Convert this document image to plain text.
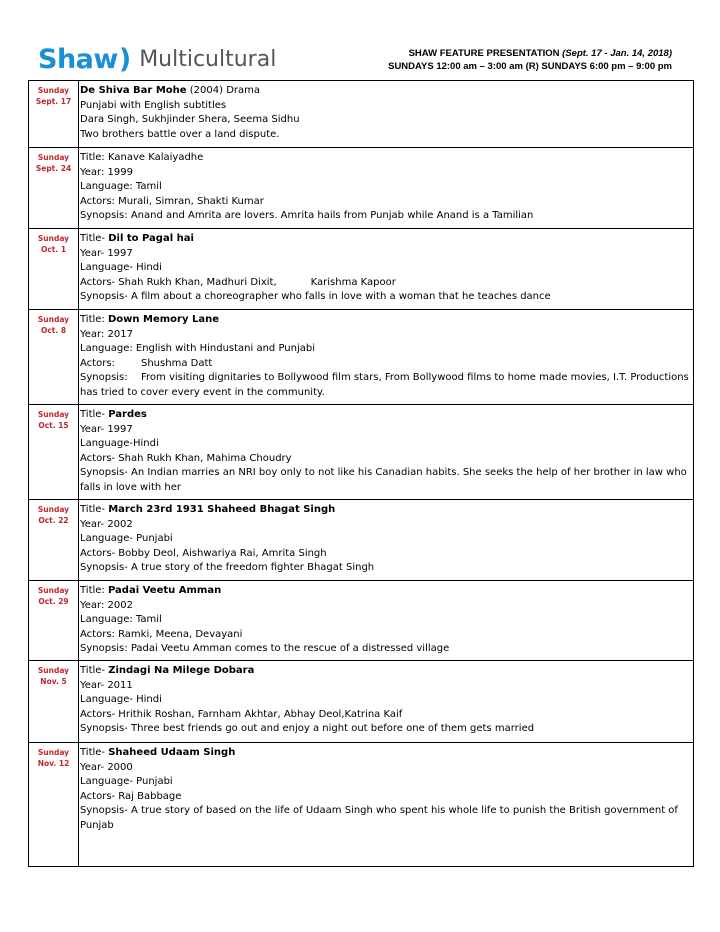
Shaw ) Multicultural	SHAW FEATURE PRESENTATION (Sept. 17 - Jan. 14, 2018)
SUNDAYS 12:00 am – 3:00 am (R) SUNDAYS 6:00 pm – 9:00 pm
Sunday
Sept. 17
De Shiva Bar Mohe (2004) Drama
Punjabi with English subtitles
Dara Singh, Sukhjinder Shera, Seema Sidhu
Two brothers battle over a land dispute.
Sunday
Sept. 24
Title: Kanave Kalaiyadhe
Year: 1999
Language: Tamil
Actors: Murali, Simran, Shakti Kumar
Synopsis: Anand and Amrita are lovers. Amrita hails from Punjab while Anand is a Tamilian
Sunday
Oct. 1
Title- Dil to Pagal hai
Year- 1997
Language- Hindi
Actors- Shah Rukh Khan, Madhuri Dixit,	Karishma Kapoor
Synopsis- A film about a choreographer who falls in love with a woman that he teaches dance
Sunday
Oct. 8
Title: Down Memory Lane
Year: 2017
Language: English with Hindustani and Punjabi
Actors:	Shushma Datt
Synopsis: From visiting dignitaries to Bollywood film stars, From Bollywood films to home made movies, I.T. Productions has tried to cover every event in the community.
Sunday
Oct. 15
Title- Pardes
Year- 1997
Language-Hindi
Actors- Shah Rukh Khan, Mahima Choudry
Synopsis- An Indian marries an NRI boy only to not like his Canadian habits. She seeks the help of her brother in law who falls in love with her
Sunday
Oct. 22
Title- March 23rd 1931 Shaheed Bhagat Singh
Year- 2002
Language- Punjabi
Actors- Bobby Deol, Aishwariya Rai, Amrita Singh
Synopsis- A true story of the freedom fighter Bhagat Singh
Sunday
Oct. 29
Title: Padai Veetu Amman
Year: 2002
Language: Tamil
Actors: Ramki, Meena, Devayani
Synopsis: Padai Veetu Amman comes to the rescue of a distressed village
Sunday
Nov. 5
Title- Zindagi Na Milege Dobara
Year- 2011
Language- Hindi
Actors- Hrithik Roshan, Farnham Akhtar, Abhay Deol,Katrina Kaif
Synopsis- Three best friends go out and enjoy a night out before one of them gets married
Sunday
Nov. 12
Title- Shaheed Udaam Singh
Year- 2000
Language- Punjabi
Actors- Raj Babbage
Synopsis- A true story of based on the life of Udaam Singh who spent his whole life to punish the British government of Punjab
